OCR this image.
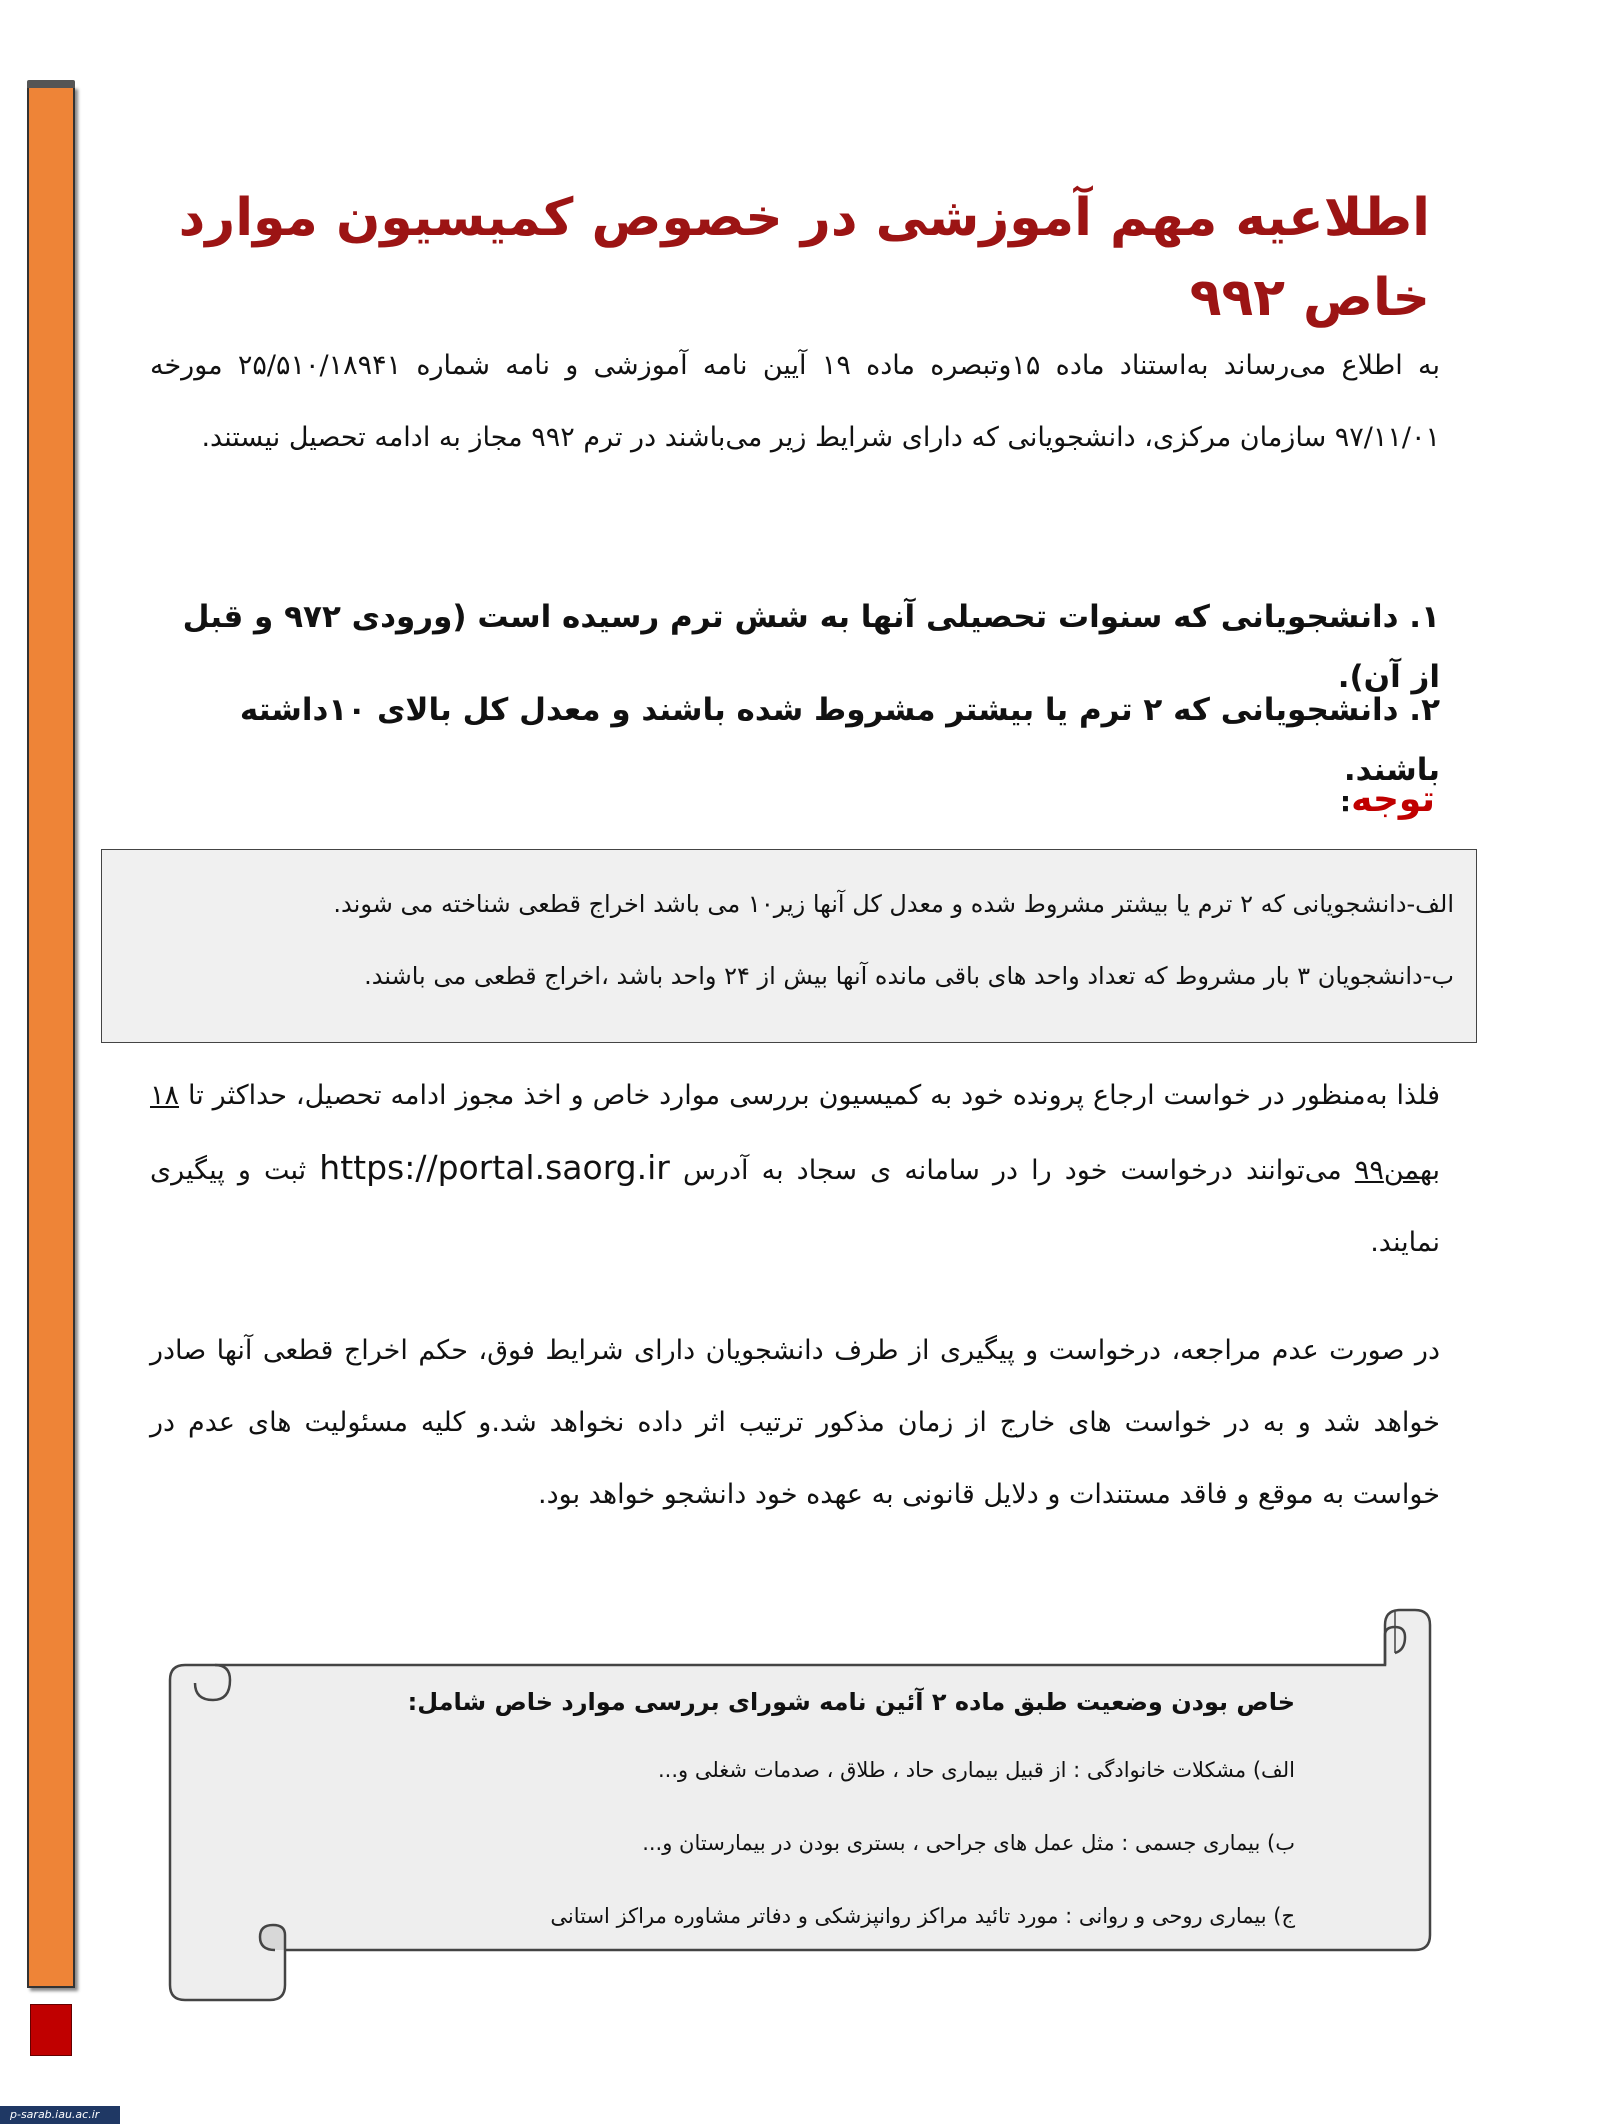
p-sarab.iau.ac.ir
اطلاعیه مهم آموزشی در خصوص کمیسیون موارد خاص ۹۹۲
به اطلاع می‌رساند به‌استناد ماده ۱۵وتبصره ماده ۱۹ آیین نامه آموزشی و نامه شماره ۲۵/۵۱۰/۱۸۹۴۱ مورخه ۹۷/۱۱/۰۱ سازمان مرکزی، دانشجویانی که دارای شرایط زیر می‌باشند در ترم ۹۹۲ مجاز به ادامه تحصیل نیستند.
۱. دانشجویانی که سنوات تحصیلی آنها به شش ترم رسیده است (ورودی ۹۷۲ و قبل از آن).
۲. دانشجویانی که ۲ ترم یا بیشتر مشروط شده باشند و معدل کل بالای ۱۰داشته باشند.
توجه:
الف-دانشجویانی که ۲ ترم یا بیشتر مشروط شده و معدل کل آنها زیر۱۰ می باشد اخراج قطعی شناخته می شوند.
ب-دانشجویان ۳ بار مشروط که تعداد واحد های باقی مانده آنها بیش از ۲۴ واحد باشد ،اخراج قطعی می باشند.
فلذا به‌منظور در خواست ارجاع پرونده خود به کمیسیون بررسی موارد خاص و اخذ مجوز ادامه تحصیل، حداکثر تا ۱۸ بهمن۹۹ می‌توانند درخواست خود را در سامانه ی سجاد به آدرس https://portal.saorg.ir ثبت و پیگیری نمایند.
در صورت عدم مراجعه، درخواست و پیگیری از طرف دانشجویان دارای شرایط فوق، حکم اخراج قطعی آنها صادر خواهد شد و به در خواست های خارج از زمان مذکور ترتیب اثر داده نخواهد شد.و کلیه مسئولیت های عدم در خواست به موقع و فاقد مستندات و دلایل قانونی به عهده خود دانشجو خواهد بود.
خاص بودن وضعیت طبق ماده ۲ آئین نامه شورای بررسی موارد خاص شامل:
الف) مشکلات خانوادگی : از قبیل بیماری حاد ، طلاق ، صدمات شغلی و...
ب) بیماری جسمی : مثل عمل های جراحی ، بستری بودن در بیمارستان و...
ج) بیماری روحی و روانی : مورد تائید مراکز روانپزشکی و دفاتر مشاوره مراکز استانی
